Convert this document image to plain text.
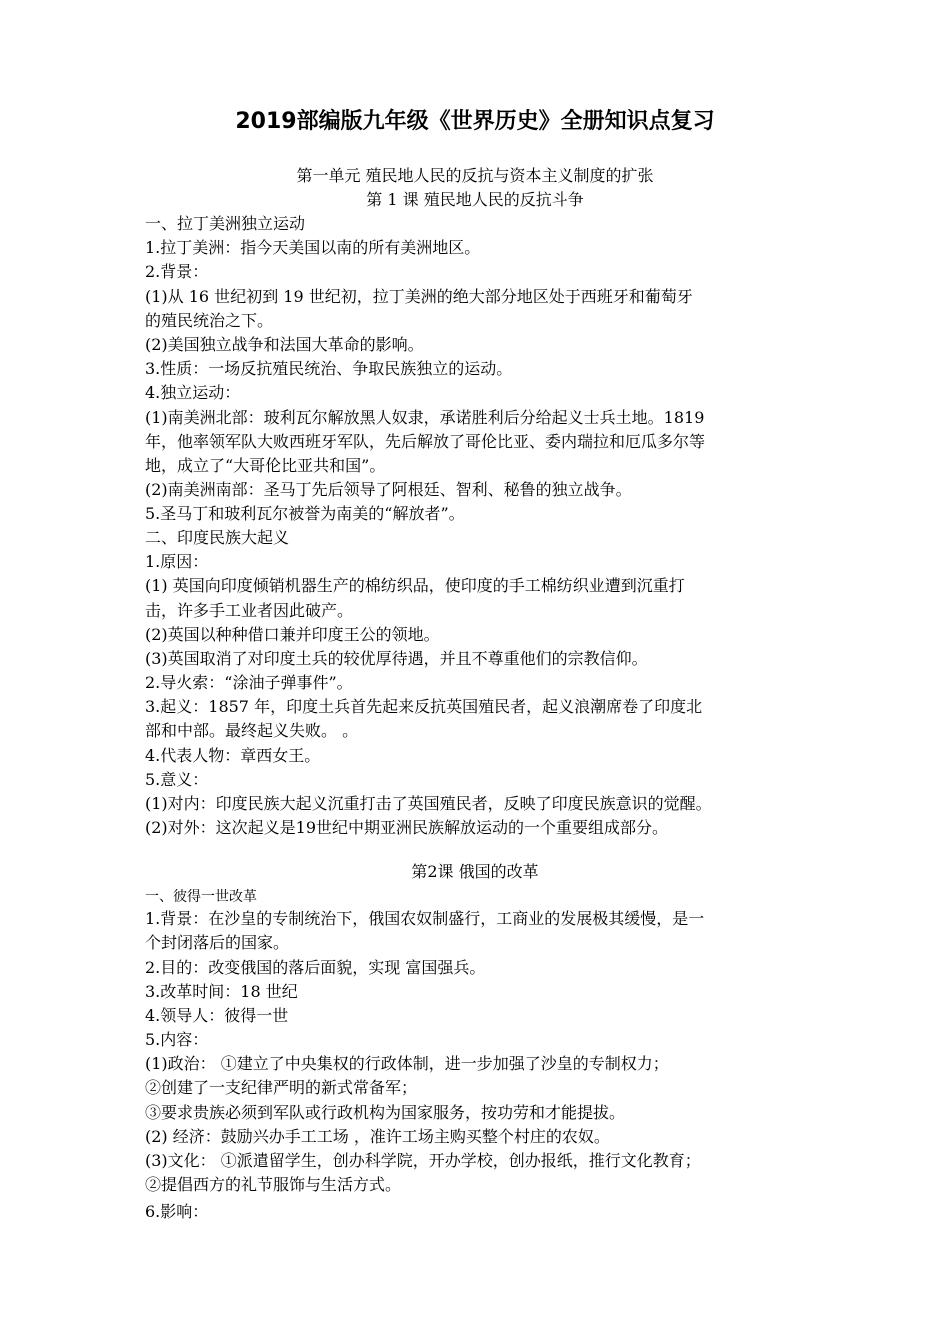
2019部编版九年级《世界历史》全册知识点复习
第一单元 殖民地人民的反抗与资本主义制度的扩张
第 1 课 殖民地人民的反抗斗争
一、拉丁美洲独立运动
1.拉丁美洲：指今天美国以南的所有美洲地区。
2.背景：
(1)从 16 世纪初到 19 世纪初，拉丁美洲的绝大部分地区处于西班牙和葡萄牙
的殖民统治之下。
(2)美国独立战争和法国大革命的影响。
3.性质：一场反抗殖民统治、争取民族独立的运动。
4.独立运动：
(1)南美洲北部：玻利瓦尔解放黑人奴隶，承诺胜利后分给起义士兵土地。1819
年，他率领军队大败西班牙军队，先后解放了哥伦比亚、委内瑞拉和厄瓜多尔等
地，成立了“大哥伦比亚共和国”。
(2)南美洲南部：圣马丁先后领导了阿根廷、智利、秘鲁的独立战争。
5.圣马丁和玻利瓦尔被誉为南美的“解放者”。
二、印度民族大起义
1.原因：
(1) 英国向印度倾销机器生产的棉纺织品，使印度的手工棉纺织业遭到沉重打
击，许多手工业者因此破产。
(2)英国以种种借口兼并印度王公的领地。
(3)英国取消了对印度土兵的较优厚待遇，并且不尊重他们的宗教信仰。
2.导火索：“涂油子弹事件”。
3.起义：1857 年，印度土兵首先起来反抗英国殖民者，起义浪潮席卷了印度北
部和中部。最终起义失败。 。
4.代表人物：章西女王。
5.意义：
(1)对内：印度民族大起义沉重打击了英国殖民者，反映了印度民族意识的觉醒。
(2)对外：这次起义是19世纪中期亚洲民族解放运动的一个重要组成部分。
第2课 俄国的改革
一、彼得一世改革
1.背景：在沙皇的专制统治下，俄国农奴制盛行，工商业的发展极其缓慢，是一
个封闭落后的国家。
2.目的：改变俄国的落后面貌，实现 富国强兵。
3.改革时间：18 世纪
4.领导人：彼得一世
5.内容：
(1)政治： ①建立了中央集权的行政体制，进一步加强了沙皇的专制权力；
②创建了一支纪律严明的新式常备军；
③要求贵族必须到军队或行政机构为国家服务，按功劳和才能提拔。
(2) 经济：鼓励兴办手工工场 ，准许工场主购买整个村庄的农奴。
(3)文化： ①派遣留学生，创办科学院，开办学校，创办报纸，推行文化教育；
②提倡西方的礼节服饰与生活方式。
6.影响：
